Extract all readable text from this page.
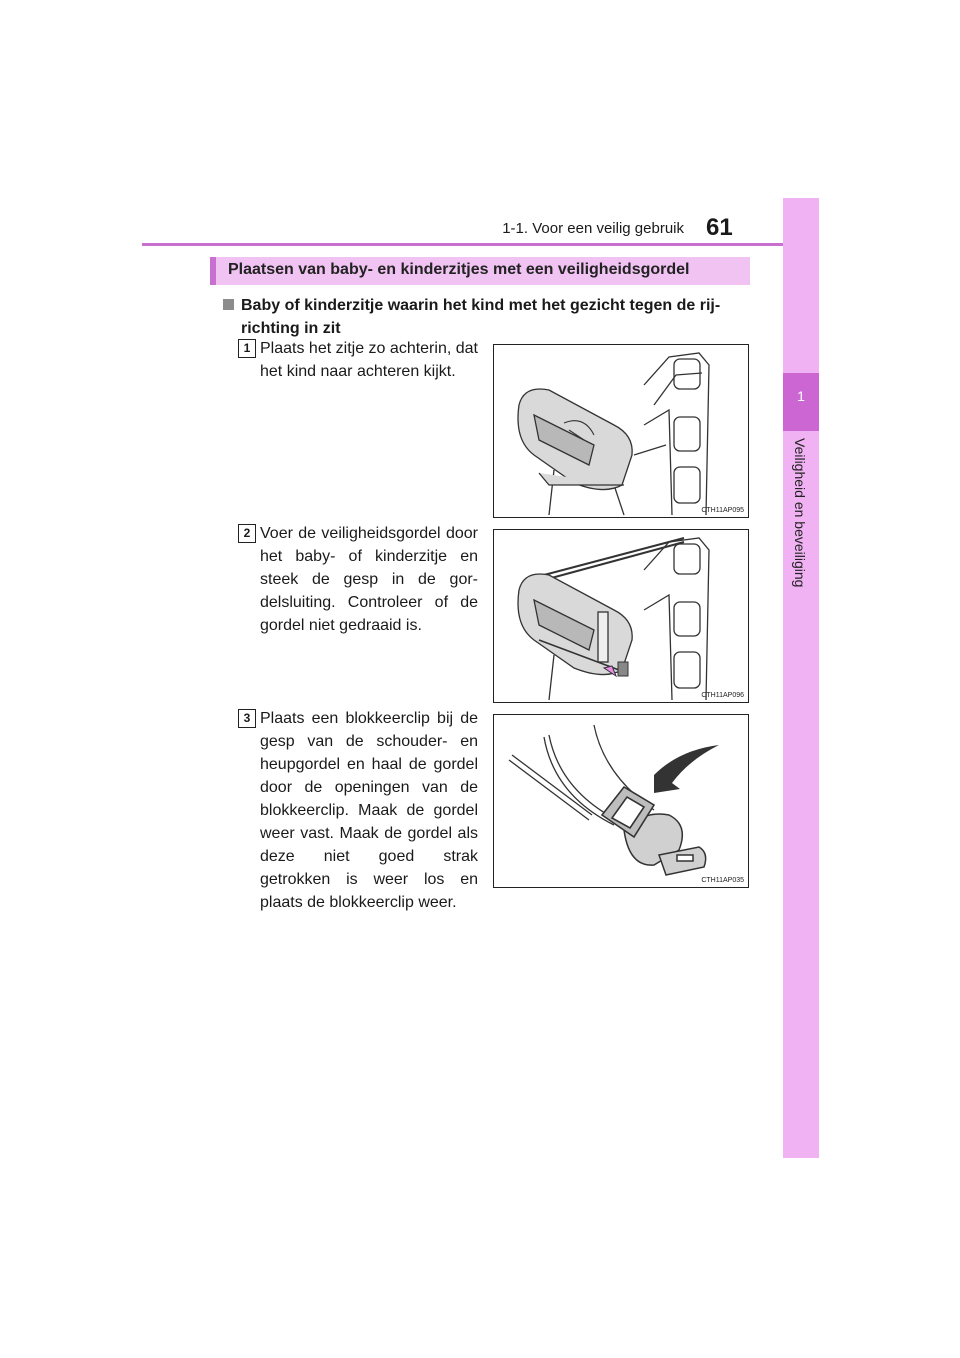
1-1. Voor een veilig gebruik 61
1
Veiligheid en beveiliging
Plaatsen van baby- en kinderzitjes met een veiligheidsgordel
Baby of kinderzitje waarin het kind met het gezicht tegen de rij- richting in zit
1 Plaats het zitje zo achterin, dat het kind naar achteren kijkt.
CTH11AP095
2 Voer de veiligheidsgordel door het baby- of kinderzitje en steek de gesp in de gor- delsluiting. Controleer of de gordel niet gedraaid is.
CTH11AP096
3 Plaats een blokkeerclip bij de gesp van de schouder- en heupgordel en haal de gordel door de openingen van de blokkeerclip. Maak de gordel weer vast. Maak de gordel als deze niet goed strak getrokken is weer los en plaats de blokkeerclip weer.
CTH11AP035
